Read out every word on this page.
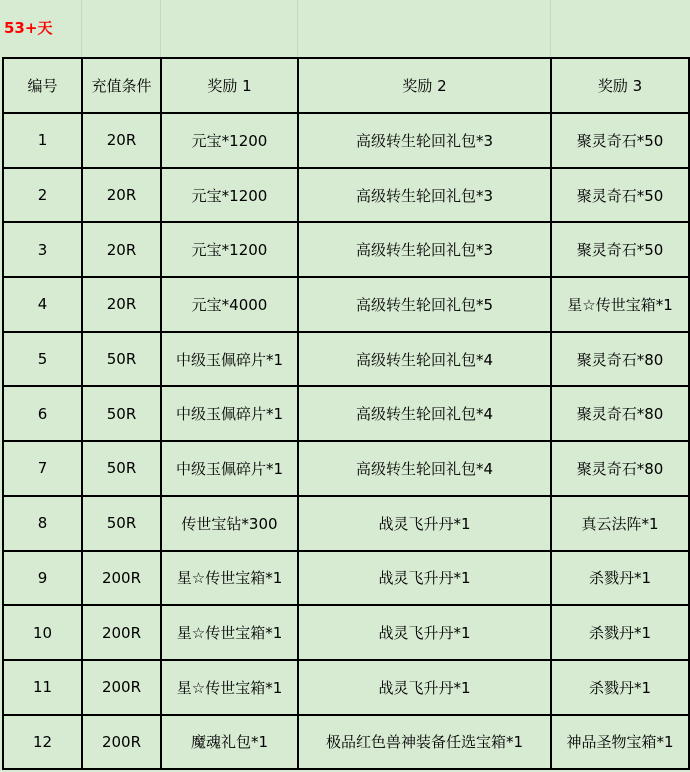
53+天
编号	充值条件	奖励 1	奖励 2	奖励 3
1	20R	元宝*1200	高级转生轮回礼包*3	聚灵奇石*50
2	20R	元宝*1200	高级转生轮回礼包*3	聚灵奇石*50
3	20R	元宝*1200	高级转生轮回礼包*3	聚灵奇石*50
4	20R	元宝*4000	高级转生轮回礼包*5	星☆传世宝箱*1
5	50R	中级玉佩碎片*1	高级转生轮回礼包*4	聚灵奇石*80
6	50R	中级玉佩碎片*1	高级转生轮回礼包*4	聚灵奇石*80
7	50R	中级玉佩碎片*1	高级转生轮回礼包*4	聚灵奇石*80
8	50R	传世宝钻*300	战灵飞升丹*1	真云法阵*1
9	200R	星☆传世宝箱*1	战灵飞升丹*1	杀戮丹*1
10	200R	星☆传世宝箱*1	战灵飞升丹*1	杀戮丹*1
11	200R	星☆传世宝箱*1	战灵飞升丹*1	杀戮丹*1
12	200R	魔魂礼包*1	极品红色兽神装备任选宝箱*1	神品圣物宝箱*1
